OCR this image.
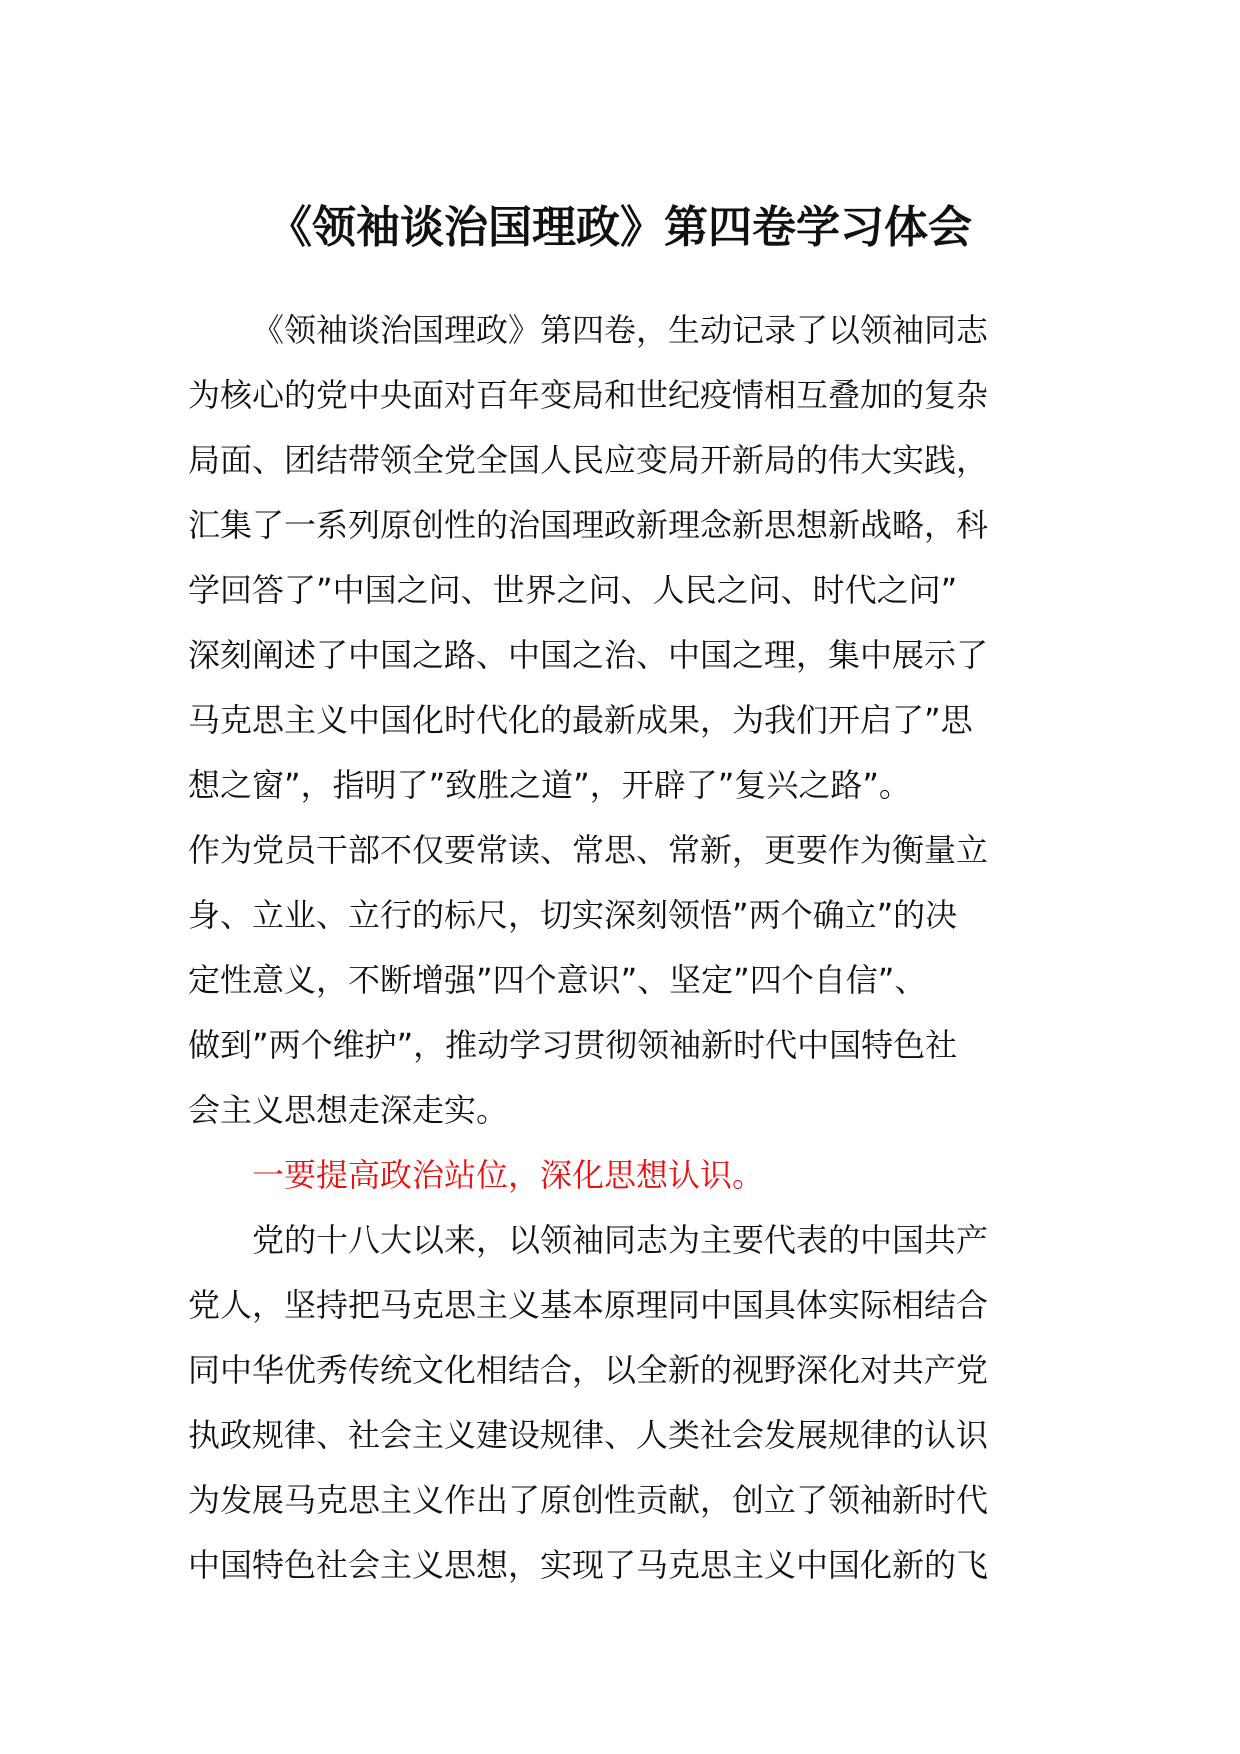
《领袖谈治国理政》第四卷学习体会
《领袖谈治国理政》第四卷，生动记录了以领袖同志
为核心的党中央面对百年变局和世纪疫情相互叠加的复杂
局面、团结带领全党全国人民应变局开新局的伟大实践，
汇集了一系列原创性的治国理政新理念新思想新战略，科
学回答了”中国之问、世界之问、人民之问、时代之问”
深刻阐述了中国之路、中国之治、中国之理，集中展示了
马克思主义中国化时代化的最新成果，为我们开启了”思
想之窗”，指明了”致胜之道”，开辟了”复兴之路”。
作为党员干部不仅要常读、常思、常新，更要作为衡量立
身、立业、立行的标尺，切实深刻领悟”两个确立”的决
定性意义，不断增强”四个意识”、坚定”四个自信”、
做到”两个维护”，推动学习贯彻领袖新时代中国特色社
会主义思想走深走实。
一要提高政治站位，深化思想认识。
党的十八大以来，以领袖同志为主要代表的中国共产
党人，坚持把马克思主义基本原理同中国具体实际相结合
同中华优秀传统文化相结合，以全新的视野深化对共产党
执政规律、社会主义建设规律、人类社会发展规律的认识
为发展马克思主义作出了原创性贡献，创立了领袖新时代
中国特色社会主义思想，实现了马克思主义中国化新的飞
